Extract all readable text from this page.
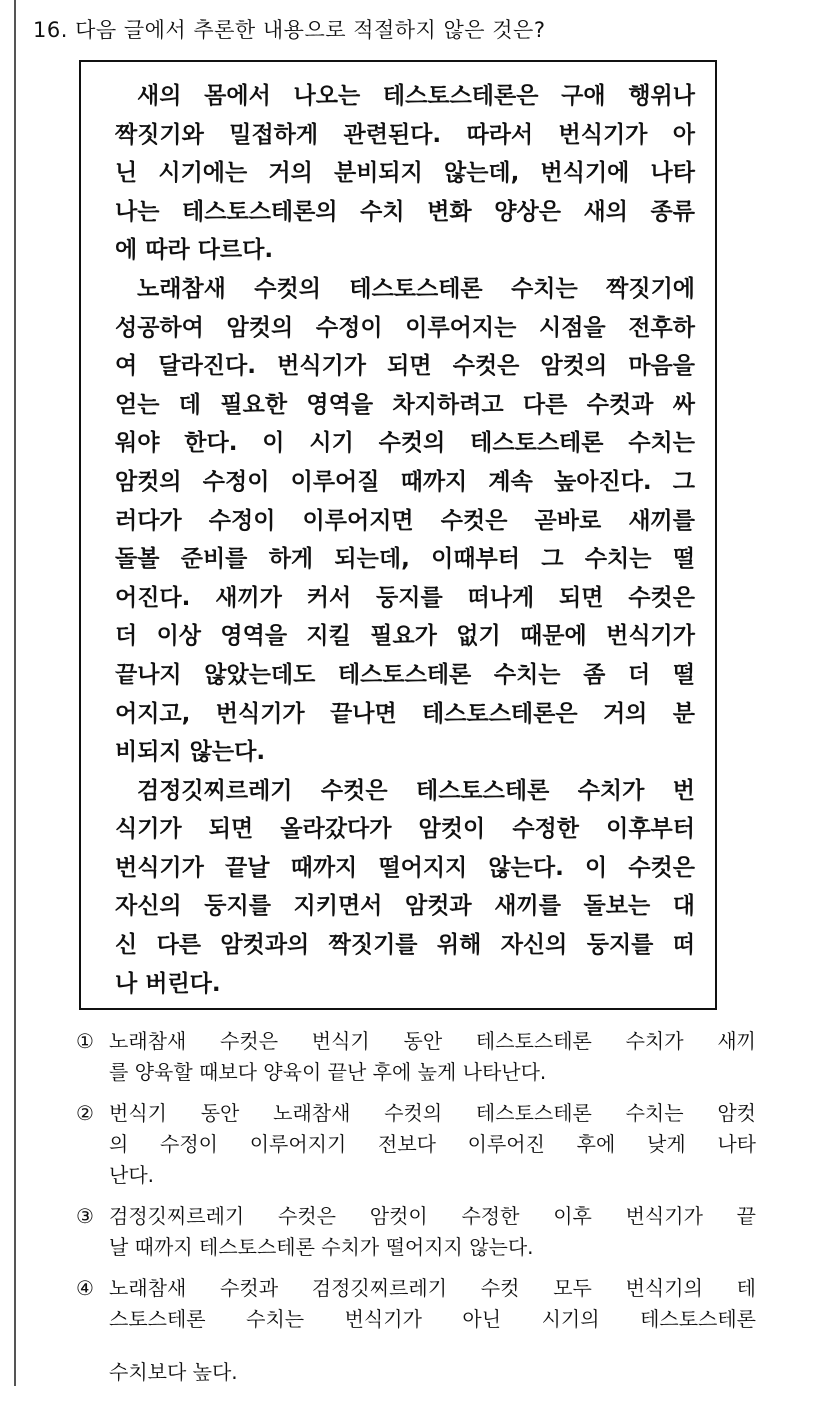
16. 다음 글에서 추론한 내용으로 적절하지 않은 것은?
새의 몸에서 나오는 테스토스테론은 구애 행위나
짝짓기와 밀접하게 관련된다. 따라서 번식기가 아
닌 시기에는 거의 분비되지 않는데, 번식기에 나타
나는 테스토스테론의 수치 변화 양상은 새의 종류
에 따라 다르다.
노래참새 수컷의 테스토스테론 수치는 짝짓기에
성공하여 암컷의 수정이 이루어지는 시점을 전후하
여 달라진다. 번식기가 되면 수컷은 암컷의 마음을
얻는 데 필요한 영역을 차지하려고 다른 수컷과 싸
워야 한다. 이 시기 수컷의 테스토스테론 수치는
암컷의 수정이 이루어질 때까지 계속 높아진다. 그
러다가 수정이 이루어지면 수컷은 곧바로 새끼를
돌볼 준비를 하게 되는데, 이때부터 그 수치는 떨
어진다. 새끼가 커서 둥지를 떠나게 되면 수컷은
더 이상 영역을 지킬 필요가 없기 때문에 번식기가
끝나지 않았는데도 테스토스테론 수치는 좀 더 떨
어지고, 번식기가 끝나면 테스토스테론은 거의 분
비되지 않는다.
검정깃찌르레기 수컷은 테스토스테론 수치가 번
식기가 되면 올라갔다가 암컷이 수정한 이후부터
번식기가 끝날 때까지 떨어지지 않는다. 이 수컷은
자신의 둥지를 지키면서 암컷과 새끼를 돌보는 대
신 다른 암컷과의 짝짓기를 위해 자신의 둥지를 떠
나 버린다.
① 노래참새 수컷은 번식기 동안 테스토스테론 수치가 새끼
를 양육할 때보다 양육이 끝난 후에 높게 나타난다.
② 번식기 동안 노래참새 수컷의 테스토스테론 수치는 암컷
의 수정이 이루어지기 전보다 이루어진 후에 낮게 나타
난다.
③ 검정깃찌르레기 수컷은 암컷이 수정한 이후 번식기가 끝
날 때까지 테스토스테론 수치가 떨어지지 않는다.
④ 노래참새 수컷과 검정깃찌르레기 수컷 모두 번식기의 테
스토스테론 수치는 번식기가 아닌 시기의 테스토스테론
수치보다 높다.
